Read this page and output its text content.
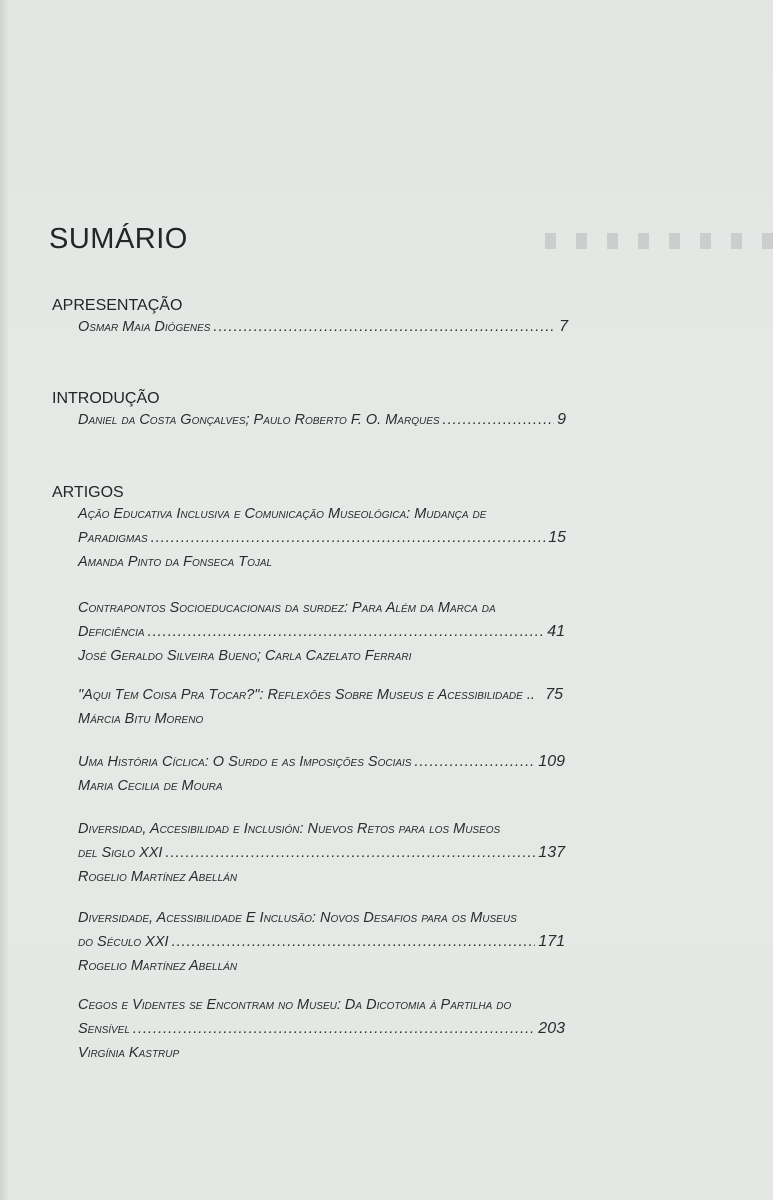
SUMÁRIO
APRESENTAÇÃO
Osmar Maia Diógenes .....	7
INTRODUÇÃO
Daniel da Costa Gonçalves; Paulo Roberto F. O. Marques .....	9
ARTIGOS
Ação Educativa Inclusiva e Comunicação Museológica: Mudança de
Paradigmas .....	15
Amanda Pinto da Fonseca Tojal
Contrapontos Socioeducacionais da surdez: Para Além da Marca da
Deficiência .....	41
José Geraldo Silveira Bueno; Carla Cazelato Ferrari
"Aqui Tem Coisa Pra Tocar?": Reflexões Sobre Museus e Acessibilidade .. 75
Márcia Bitu Moreno
Uma História Cíclica: O Surdo e as Imposições Sociais .....	109
Maria Cecilia de Moura
Diversidad, Accesibilidad e Inclusión: Nuevos Retos para los Museos
del Siglo XXI .....	137
Rogelio Martínez Abellán
Diversidade, Acessibilidade E Inclusão: Novos Desafios para os Museus
do Século XXI .....	171
Rogelio Martínez Abellán
Cegos e Videntes se Encontram no Museu: Da Dicotomia à Partilha do
Sensível .....	203
Virgínia Kastrup
